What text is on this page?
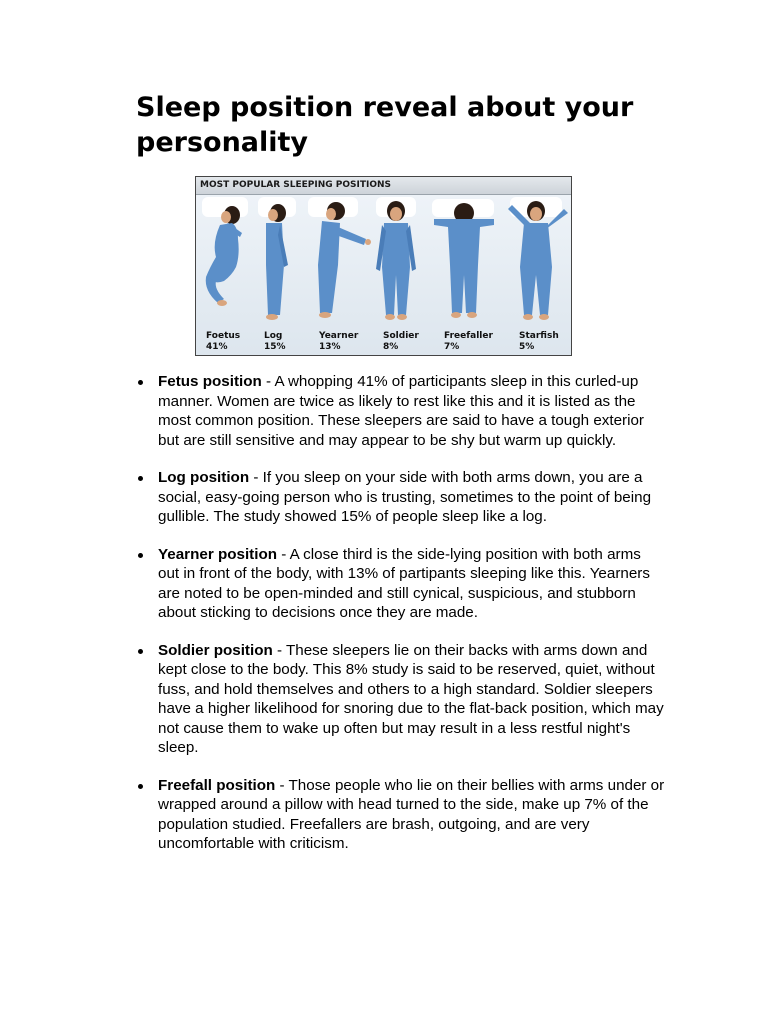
Sleep position reveal about your personality
MOST POPULAR SLEEPING POSITIONS
Foetus
41%
Log
15%
Yearner
13%
Soldier
8%
Freefaller
7%
Starfish
5%
Fetus position - A whopping 41% of participants sleep in this curled-up manner. Women are twice as likely to rest like this and it is listed as the most common position. These sleepers are said to have a tough exterior but are still sensitive and may appear to be shy but warm up quickly.
Log position - If you sleep on your side with both arms down, you are a social, easy-going person who is trusting, sometimes to the point of being gullible. The study showed 15% of people sleep like a log.
Yearner position - A close third is the side-lying position with both arms out in front of the body, with 13% of partipants sleeping like this. Yearners are noted to be open-minded and still cynical, suspicious, and stubborn about sticking to decisions once they are made.
Soldier position - These sleepers lie on their backs with arms down and kept close to the body. This 8% study is said to be reserved, quiet, without fuss, and hold themselves and others to a high standard. Soldier sleepers have a higher likelihood for snoring due to the flat-back position, which may not cause them to wake up often but may result in a less restful night's sleep.
Freefall position - Those people who lie on their bellies with arms under or wrapped around a pillow with head turned to the side, make up 7% of the population studied. Freefallers are brash, outgoing, and are very uncomfortable with criticism.
